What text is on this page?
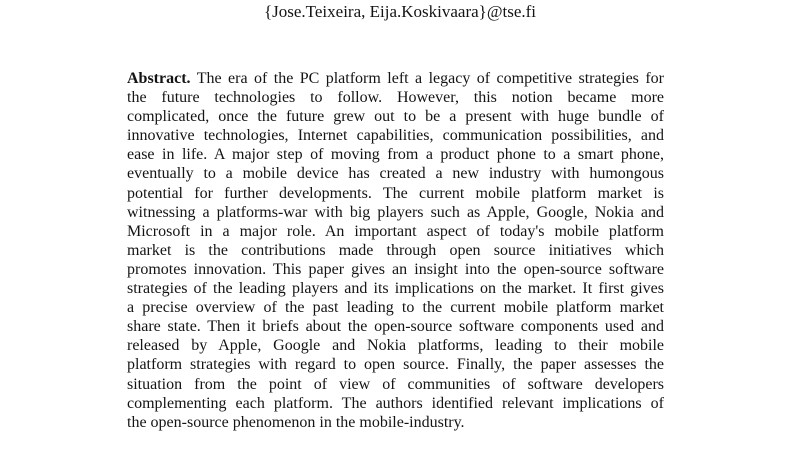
{Jose.Teixeira, Eija.Koskivaara}@tse.fi
Abstract. The era of the PC platform left a legacy of competitive strategies for
the future technologies to follow. However, this notion became more
complicated, once the future grew out to be a present with huge bundle of
innovative technologies, Internet capabilities, communication possibilities, and
ease in life. A major step of moving from a product phone to a smart phone,
eventually to a mobile device has created a new industry with humongous
potential for further developments. The current mobile platform market is
witnessing a platforms-war with big players such as Apple, Google, Nokia and
Microsoft in a major role. An important aspect of today's mobile platform
market is the contributions made through open source initiatives which
promotes innovation. This paper gives an insight into the open-source software
strategies of the leading players and its implications on the market. It first gives
a precise overview of the past leading to the current mobile platform market
share state. Then it briefs about the open-source software components used and
released by Apple, Google and Nokia platforms, leading to their mobile
platform strategies with regard to open source. Finally, the paper assesses the
situation from the point of view of communities of software developers
complementing each platform. The authors identified relevant implications of
the open-source phenomenon in the mobile-industry.
